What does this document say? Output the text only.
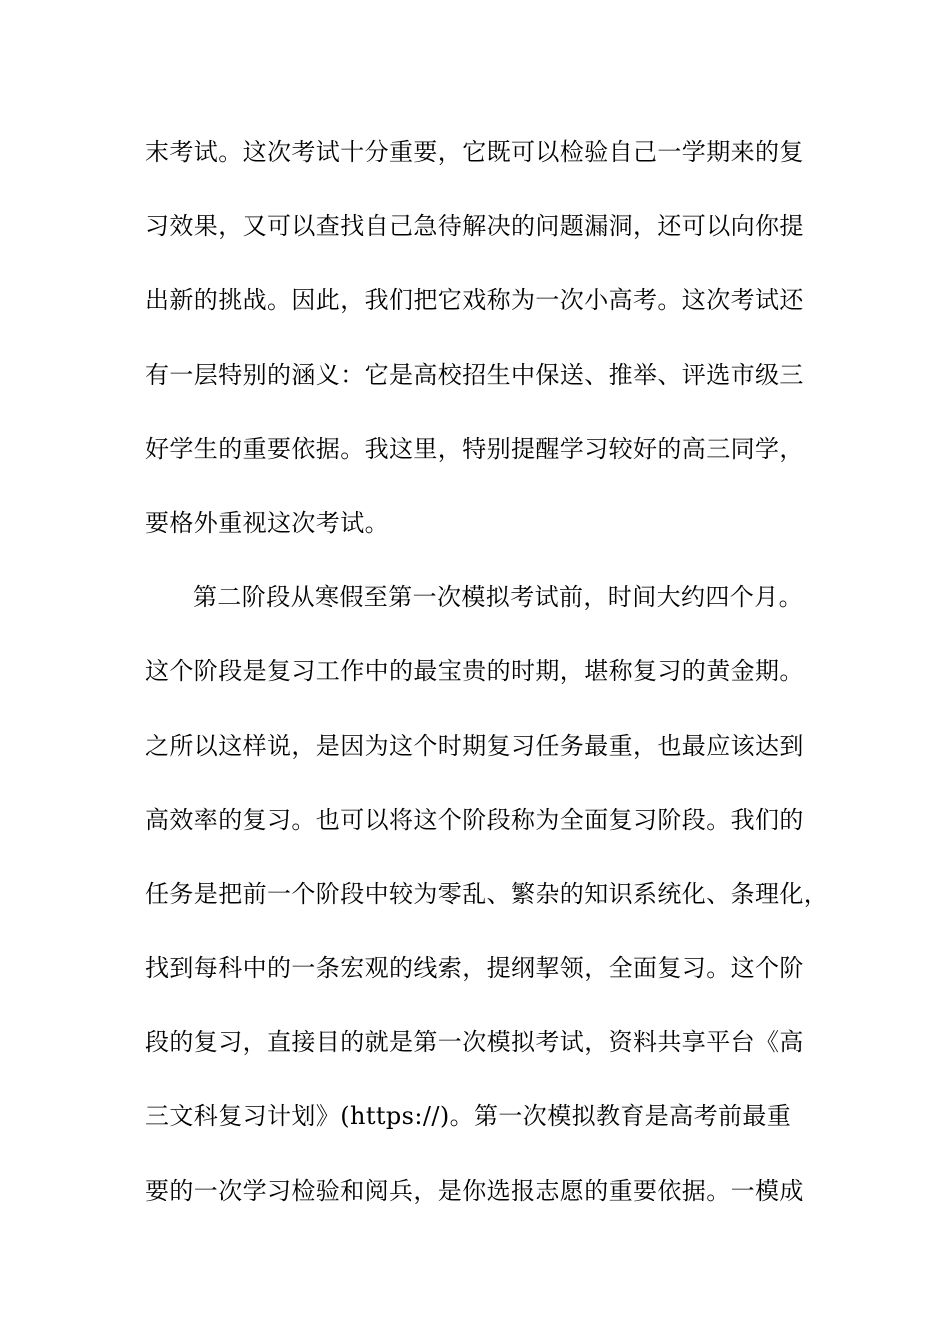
末考试。这次考试十分重要，它既可以检验自己一学期来的复
习效果，又可以查找自己急待解决的问题漏洞，还可以向你提
出新的挑战。因此，我们把它戏称为一次小高考。这次考试还
有一层特别的涵义：它是高校招生中保送、推举、评选市级三
好学生的重要依据。我这里，特别提醒学习较好的高三同学，
要格外重视这次考试。
第二阶段从寒假至第一次模拟考试前，时间大约四个月。
这个阶段是复习工作中的最宝贵的时期，堪称复习的黄金期。
之所以这样说，是因为这个时期复习任务最重，也最应该达到
高效率的复习。也可以将这个阶段称为全面复习阶段。我们的
任务是把前一个阶段中较为零乱、繁杂的知识系统化、条理化，
找到每科中的一条宏观的线索，提纲挈领，全面复习。这个阶
段的复习，直接目的就是第一次模拟考试，资料共享平台《高
三文科复习计划》(https://)。第一次模拟教育是高考前最重
要的一次学习检验和阅兵，是你选报志愿的重要依据。一模成
